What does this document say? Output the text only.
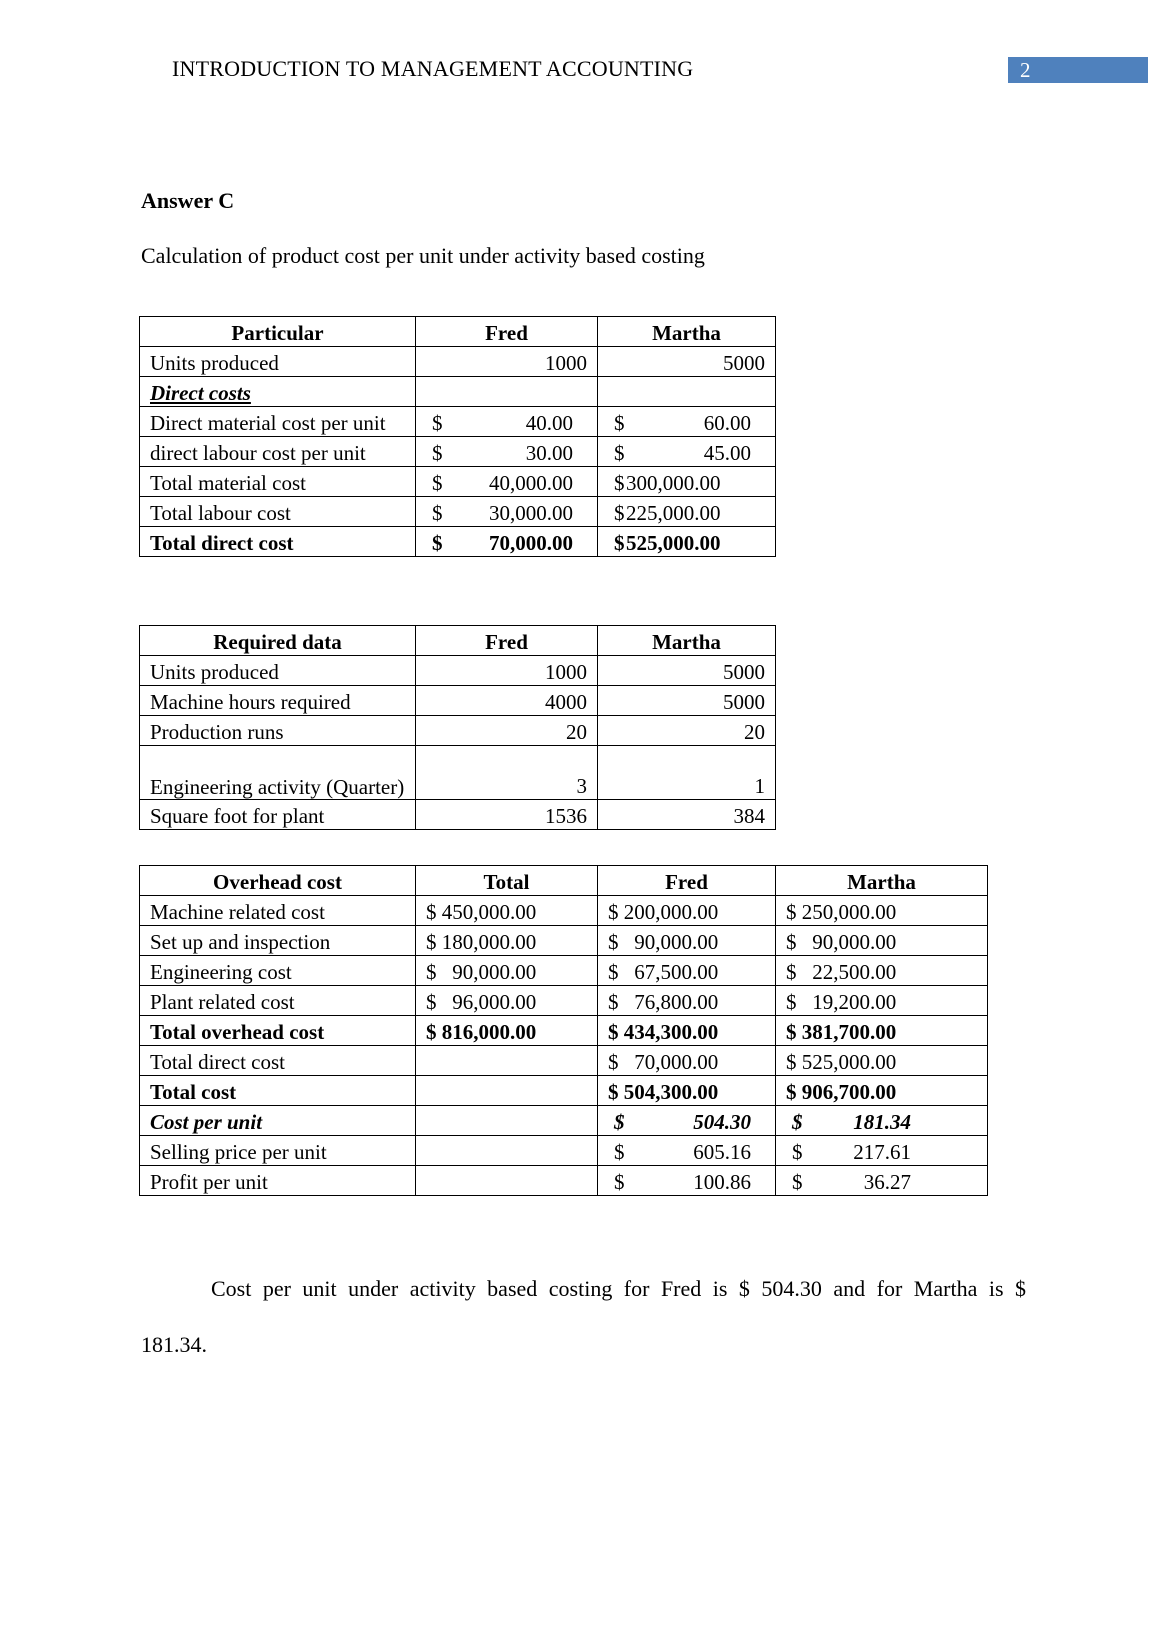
INTRODUCTION TO MANAGEMENT ACCOUNTING	2
Answer C
Calculation of product cost per unit under activity based costing
Particular	Fred	Martha
Units produced	1000	5000
Direct costs		
Direct material cost per unit	$ 40.00	$ 60.00

direct labour cost per unit	$ 30.00	$ 45.00

Total material cost	$ 40,000.00	$ 300,000.00

Total labour cost	$ 30,000.00	$ 225,000.00

Total direct cost	$ 70,000.00	$ 525,000.00
Required data	Fred	Martha
Units produced	1000	5000
Machine hours required	4000	5000
Production runs	20	20
Engineering activity (Quarter)	3	1
Square foot for plant	1536	384
Overhead cost	Total	Fred	Martha
Machine related cost	$ 450,000.00	$ 200,000.00	$ 250,000.00
Set up and inspection	$ 180,000.00	$   90,000.00	$   90,000.00
Engineering cost	$   90,000.00	$   67,500.00	$   22,500.00
Plant related cost	$   96,000.00	$   76,800.00	$   19,200.00
Total overhead cost	$ 816,000.00	$ 434,300.00	$ 381,700.00
Total direct cost		$   70,000.00	$ 525,000.00
Total cost		$ 504,300.00	$ 906,700.00
Cost per unit		$ 504.30	$ 181.34

Selling price per unit		$ 605.16	$ 217.61

Profit per unit		$ 100.86	$ 36.27
Cost per unit under activity based costing for Fred is $ 504.30 and for Martha is $
181.34.
